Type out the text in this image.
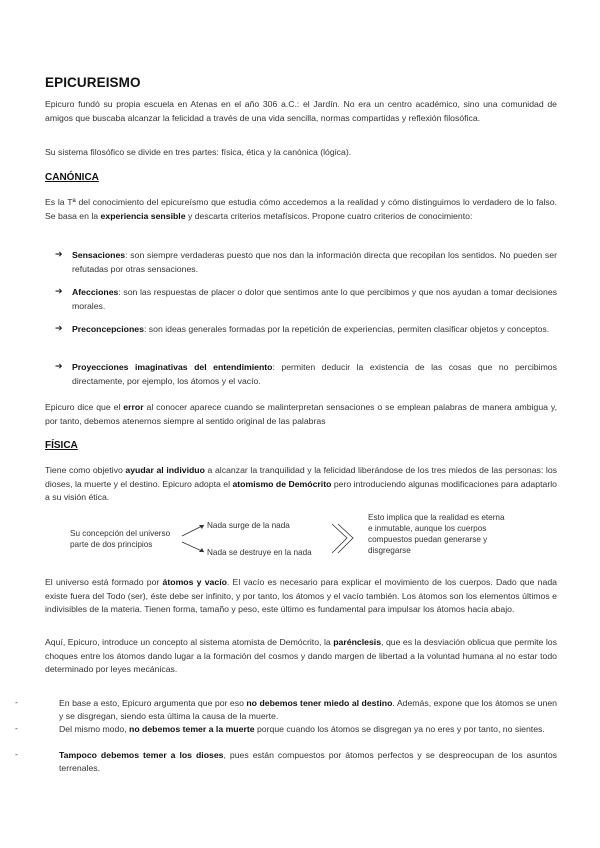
EPICUREISMO

Epicuro fundó su propia escuela en Atenas en el año 306 a.C.: el Jardín. No era un centro académico, sino una comunidad de amigos que buscaba alcanzar la felicidad a través de una vida sencilla, normas compartidas y reflexión filosófica.

Su sistema filosófico se divide en tres partes: física, ética y la canónica (lógica).

CANÓNICA

Es la Tª del conocimiento del epicureísmo que estudia cómo accedemos a la realidad y cómo distinguimos lo verdadero de lo falso. Se basa en la experiencia sensible y descarta criterios metafísicos. Propone cuatro criterios de conocimiento:

➔ Sensaciones: son siempre verdaderas puesto que nos dan la información directa que recopilan los sentidos. No pueden ser refutadas por otras sensaciones.
➔ Afecciones: son las respuestas de placer o dolor que sentimos ante lo que percibimos y que nos ayudan a tomar decisiones morales.
➔ Preconcepciones: son ideas generales formadas por la repetición de experiencias, permiten clasificar objetos y conceptos.
➔ Proyecciones imaginativas del entendimiento: permiten deducir la existencia de las cosas que no percibimos directamente, por ejemplo, los átomos y el vacío.

Epicuro dice que el error al conocer aparece cuando se malinterpretan sensaciones o se emplean palabras de manera ambigua y, por tanto, debemos atenernos siempre al sentido original de las palabras

FÍSICA

Tiene como objetivo ayudar al individuo a alcanzar la tranquilidad y la felicidad liberándose de los tres miedos de las personas: los dioses, la muerte y el destino. Epicuro adopta el atomismo de Demócrito pero introduciendo algunas modificaciones para adaptarlo a su visión ética.

Su concepción del universo parte de dos principios
Nada surge de la nada
Nada se destruye en la nada
Esto implica que la realidad es eterna e inmutable, aunque los cuerpos compuestos puedan generarse y disgregarse

El universo está formado por átomos y vacío. El vacío es necesario para explicar el movimiento de los cuerpos. Dado que nada existe fuera del Todo (ser), éste debe ser infinito, y por tanto, los átomos y el vacío también. Los átomos son los elementos últimos e indivisibles de la materia. Tienen forma, tamaño y peso, este último es fundamental para impulsar los átomos hacia abajo.

Aquí, Epicuro, introduce un concepto al sistema atomista de Demócrito, la parénclesis, que es la desviación oblicua que permite los choques entre los átomos dando lugar a la formación del cosmos y dando margen de libertad a la voluntad humana al no estar todo determinado por leyes mecánicas.

-	En base a esto, Epicuro argumenta que por eso no debemos tener miedo al destino. Además, expone que los átomos se unen y se disgregan, siendo esta última la causa de la muerte.
-	Del mismo modo, no debemos temer a la muerte porque cuando los átomos se disgregan ya no eres y por tanto, no sientes.
-	Tampoco debemos temer a los dioses, pues están compuestos por átomos perfectos y se despreocupan de los asuntos terrenales.
